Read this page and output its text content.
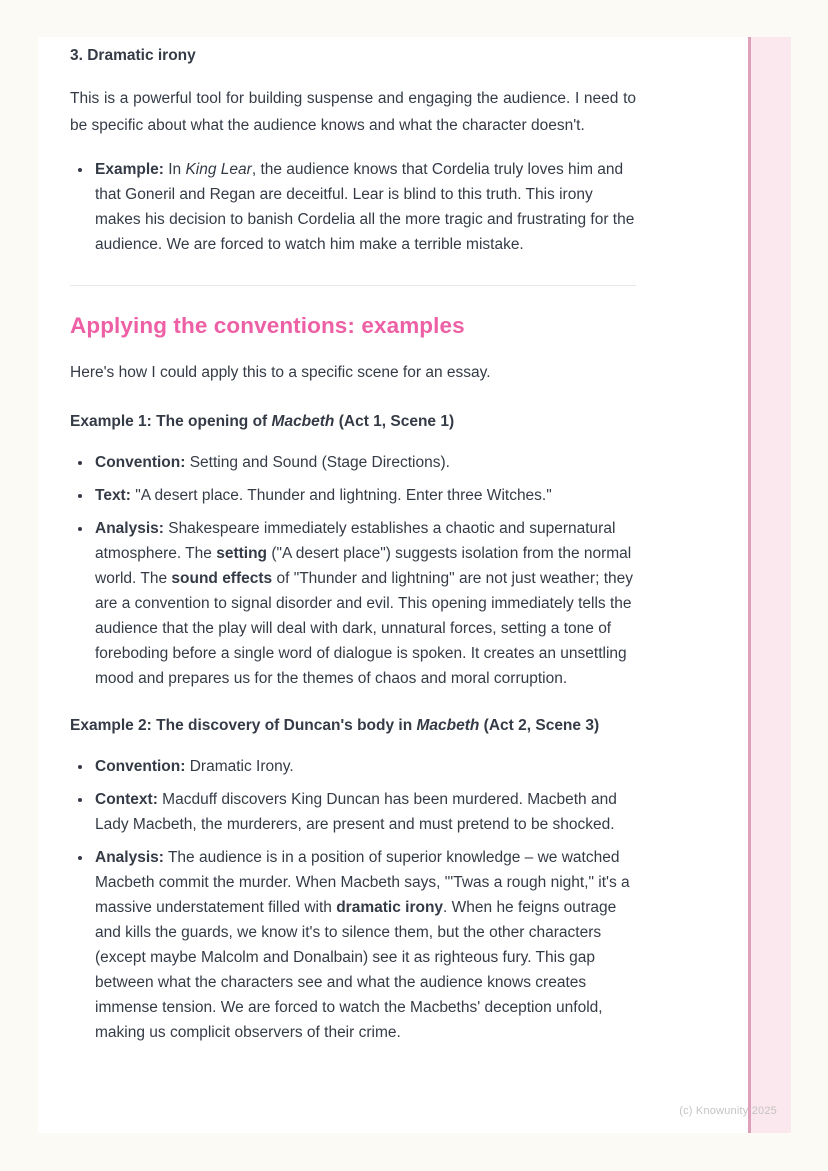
3. Dramatic irony
This is a powerful tool for building suspense and engaging the audience. I need to be specific about what the audience knows and what the character doesn't.
• Example: In King Lear, the audience knows that Cordelia truly loves him and that Goneril and Regan are deceitful. Lear is blind to this truth. This irony makes his decision to banish Cordelia all the more tragic and frustrating for the audience. We are forced to watch him make a terrible mistake.
Applying the conventions: examples
Here's how I could apply this to a specific scene for an essay.
Example 1: The opening of Macbeth (Act 1, Scene 1)
• Convention: Setting and Sound (Stage Directions).
• Text: "A desert place. Thunder and lightning. Enter three Witches."
• Analysis: Shakespeare immediately establishes a chaotic and supernatural atmosphere. The setting ("A desert place") suggests isolation from the normal world. The sound effects of "Thunder and lightning" are not just weather; they are a convention to signal disorder and evil. This opening immediately tells the audience that the play will deal with dark, unnatural forces, setting a tone of foreboding before a single word of dialogue is spoken. It creates an unsettling mood and prepares us for the themes of chaos and moral corruption.
Example 2: The discovery of Duncan's body in Macbeth (Act 2, Scene 3)
• Convention: Dramatic Irony.
• Context: Macduff discovers King Duncan has been murdered. Macbeth and Lady Macbeth, the murderers, are present and must pretend to be shocked.
• Analysis: The audience is in a position of superior knowledge – we watched Macbeth commit the murder. When Macbeth says, "'Twas a rough night," it's a massive understatement filled with dramatic irony. When he feigns outrage and kills the guards, we know it's to silence them, but the other characters (except maybe Malcolm and Donalbain) see it as righteous fury. This gap between what the characters see and what the audience knows creates immense tension. We are forced to watch the Macbeths' deception unfold, making us complicit observers of their crime.
(c) Knowunity 2025
